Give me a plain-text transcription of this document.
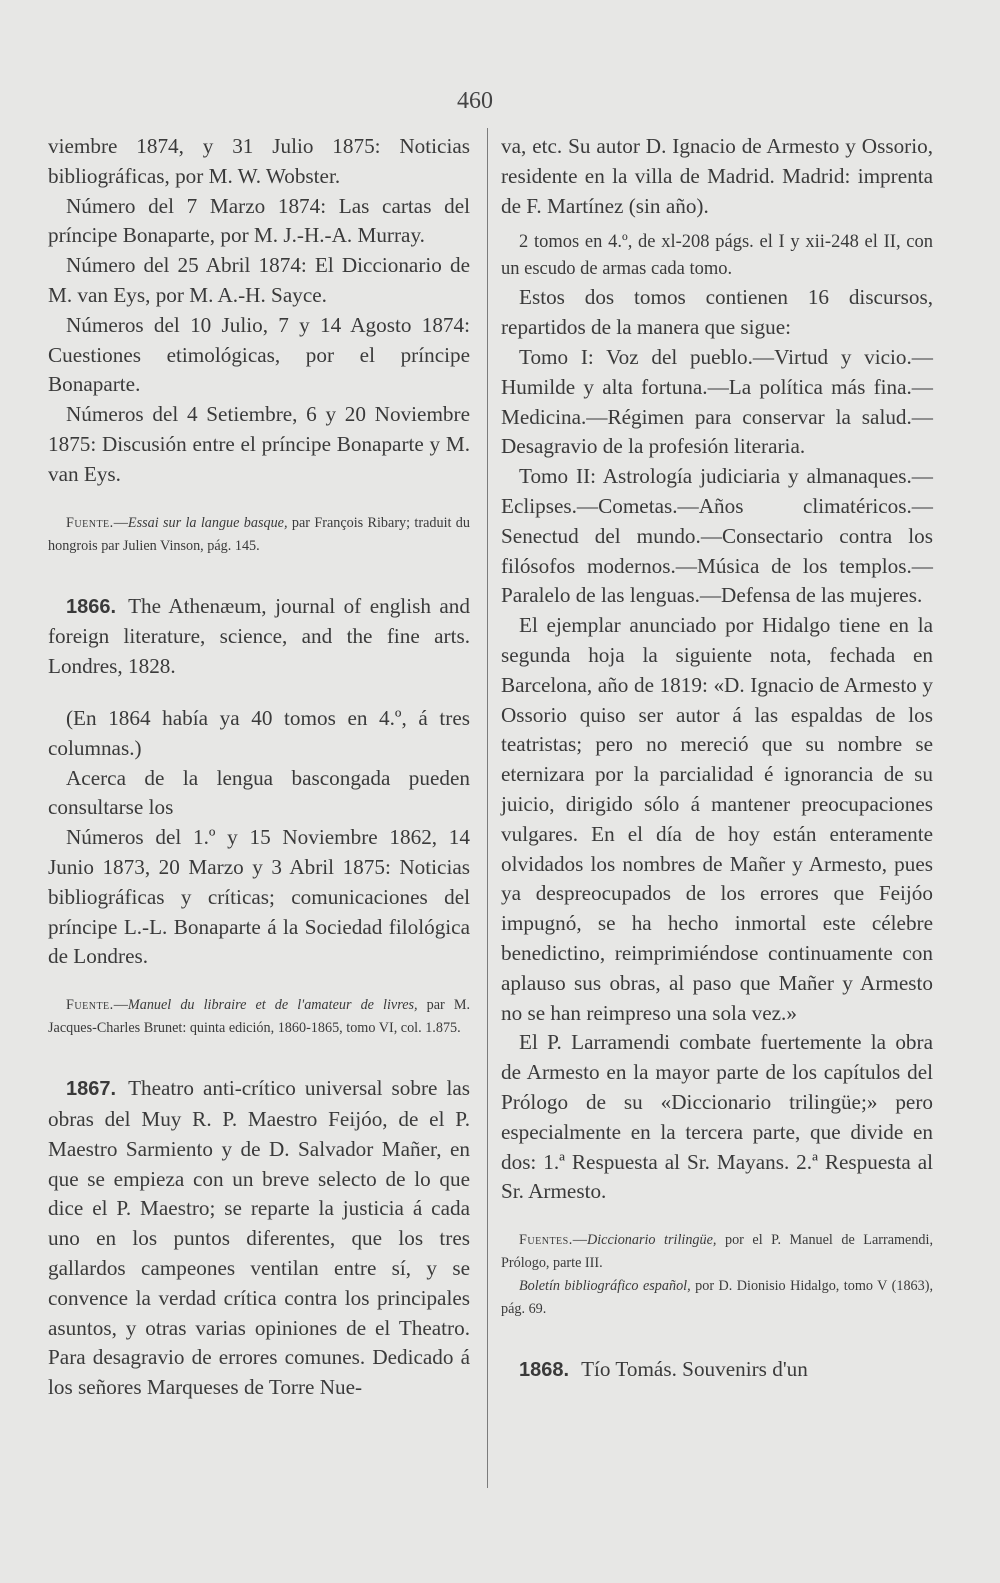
460

viembre 1874, y 31 Julio 1875: Noticias bibliográficas, por M. W. Wobster.

Número del 7 Marzo 1874: Las cartas del príncipe Bonaparte, por M. J.-H.-A. Murray.

Número del 25 Abril 1874: El Diccionario de M. van Eys, por M. A.-H. Sayce.

Números del 10 Julio, 7 y 14 Agosto 1874: Cuestiones etimológicas, por el príncipe Bonaparte.

Números del 4 Setiembre, 6 y 20 Noviembre 1875: Discusión entre el príncipe Bonaparte y M. van Eys.

Fuente.—Essai sur la langue basque, par François Ribary; traduit du hongrois par Julien Vinson, pág. 145.

1866. The Athenæum, journal of english and foreign literature, science, and the fine arts. Londres, 1828.

(En 1864 había ya 40 tomos en 4.º, á tres columnas.)

Acerca de la lengua bascongada pueden consultarse los

Números del 1.º y 15 Noviembre 1862, 14 Junio 1873, 20 Marzo y 3 Abril 1875: Noticias bibliográficas y críticas; comunicaciones del príncipe L.-L. Bonaparte á la Sociedad filológica de Londres.

Fuente.—Manuel du libraire et de l'amateur de livres, par M. Jacques-Charles Brunet: quinta edición, 1860-1865, tomo VI, col. 1.875.

1867. Theatro anti-crítico universal sobre las obras del Muy R. P. Maestro Feijóo, de el P. Maestro Sarmiento y de D. Salvador Mañer, en que se empieza con un breve selecto de lo que dice el P. Maestro; se reparte la justicia á cada uno en los puntos diferentes, que los tres gallardos campeones ventilan entre sí, y se convence la verdad crítica contra los principales asuntos, y otras varias opiniones de el Theatro. Para desagravio de errores comunes. Dedicado á los señores Marqueses de Torre Nue-

va, etc. Su autor D. Ignacio de Armesto y Ossorio, residente en la villa de Madrid. Madrid: imprenta de F. Martínez (sin año).

2 tomos en 4.º, de xl-208 págs. el I y xii-248 el II, con un escudo de armas cada tomo.

Estos dos tomos contienen 16 discursos, repartidos de la manera que sigue:

Tomo I: Voz del pueblo.—Virtud y vicio.—Humilde y alta fortuna.—La política más fina.—Medicina.—Régimen para conservar la salud.—Desagravio de la profesión literaria.

Tomo II: Astrología judiciaria y almanaques.—Eclipses.—Cometas.—Años climatéricos.—Senectud del mundo.—Consectario contra los filósofos modernos.—Música de los templos.—Paralelo de las lenguas.—Defensa de las mujeres.

El ejemplar anunciado por Hidalgo tiene en la segunda hoja la siguiente nota, fechada en Barcelona, año de 1819: «D. Ignacio de Armesto y Ossorio quiso ser autor á las espaldas de los teatristas; pero no mereció que su nombre se eternizara por la parcialidad é ignorancia de su juicio, dirigido sólo á mantener preocupaciones vulgares. En el día de hoy están enteramente olvidados los nombres de Mañer y Armesto, pues ya despreocupados de los errores que Feijóo impugnó, se ha hecho inmortal este célebre benedictino, reimprimiéndose continuamente con aplauso sus obras, al paso que Mañer y Armesto no se han reimpreso una sola vez.»

El P. Larramendi combate fuertemente la obra de Armesto en la mayor parte de los capítulos del Prólogo de su «Diccionario trilingüe;» pero especialmente en la tercera parte, que divide en dos: 1.ª Respuesta al Sr. Mayans. 2.ª Respuesta al Sr. Armesto.

Fuentes.—Diccionario trilingüe, por el P. Manuel de Larramendi, Prólogo, parte III.

Boletín bibliográfico español, por D. Dionisio Hidalgo, tomo V (1863), pág. 69.

1868. Tío Tomás. Souvenirs d'un
